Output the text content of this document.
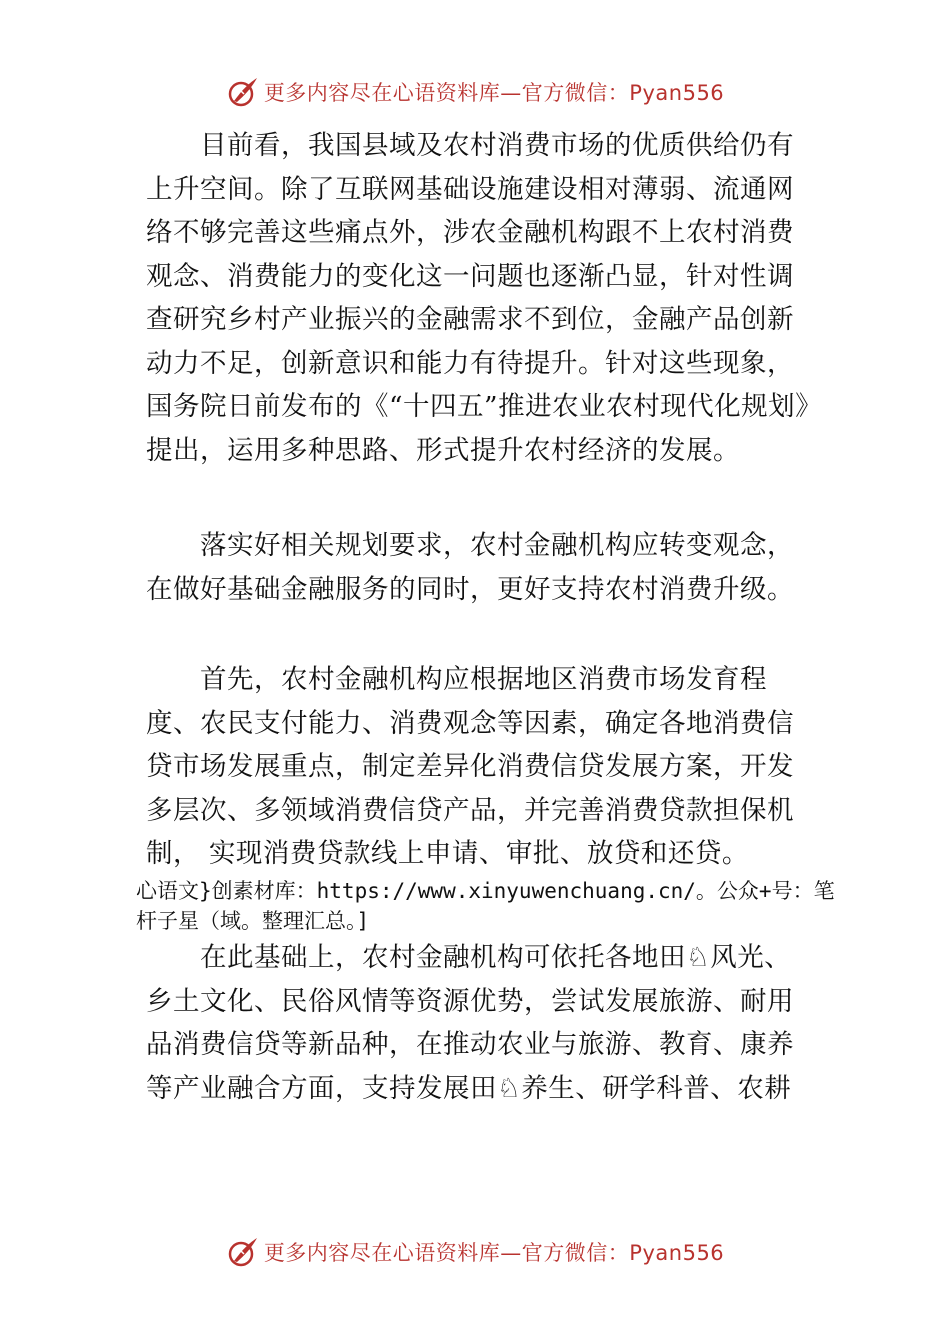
更多内容尽在心语资料库—官方微信：Pyan556

目前看，我国县域及农村消费市场的优质供给仍有上升空间。除了互联网基础设施建设相对薄弱、流通网络不够完善这些痛点外，涉农金融机构跟不上农村消费观念、消费能力的变化这一问题也逐渐凸显，针对性调查研究乡村产业振兴的金融需求不到位，金融产品创新动力不足，创新意识和能力有待提升。针对这些现象，国务院日前发布的《“十四五”推进农业农村现代化规划》提出，运用多种思路、形式提升农村经济的发展。

落实好相关规划要求，农村金融机构应转变观念，在做好基础金融服务的同时，更好支持农村消费升级。

首先，农村金融机构应根据地区消费市场发育程度、农民支付能力、消费观念等因素，确定各地消费信贷市场发展重点，制定差异化消费信贷发展方案，开发多层次、多领域消费信贷产品，并完善消费贷款担保机制， 实现消费贷款线上申请、审批、放贷和还贷。

心语文}创素材库：https://www.xinyuwenchuang.cn/。公众+号：笔杆子星（域。整理汇总。]

在此基础上，农村金融机构可依托各地田♘风光、乡土文化、民俗风情等资源优势，尝试发展旅游、耐用品消费信贷等新品种，在推动农业与旅游、教育、康养等产业融合方面，支持发展田♘养生、研学科普、农耕

更多内容尽在心语资料库—官方微信：Pyan556
